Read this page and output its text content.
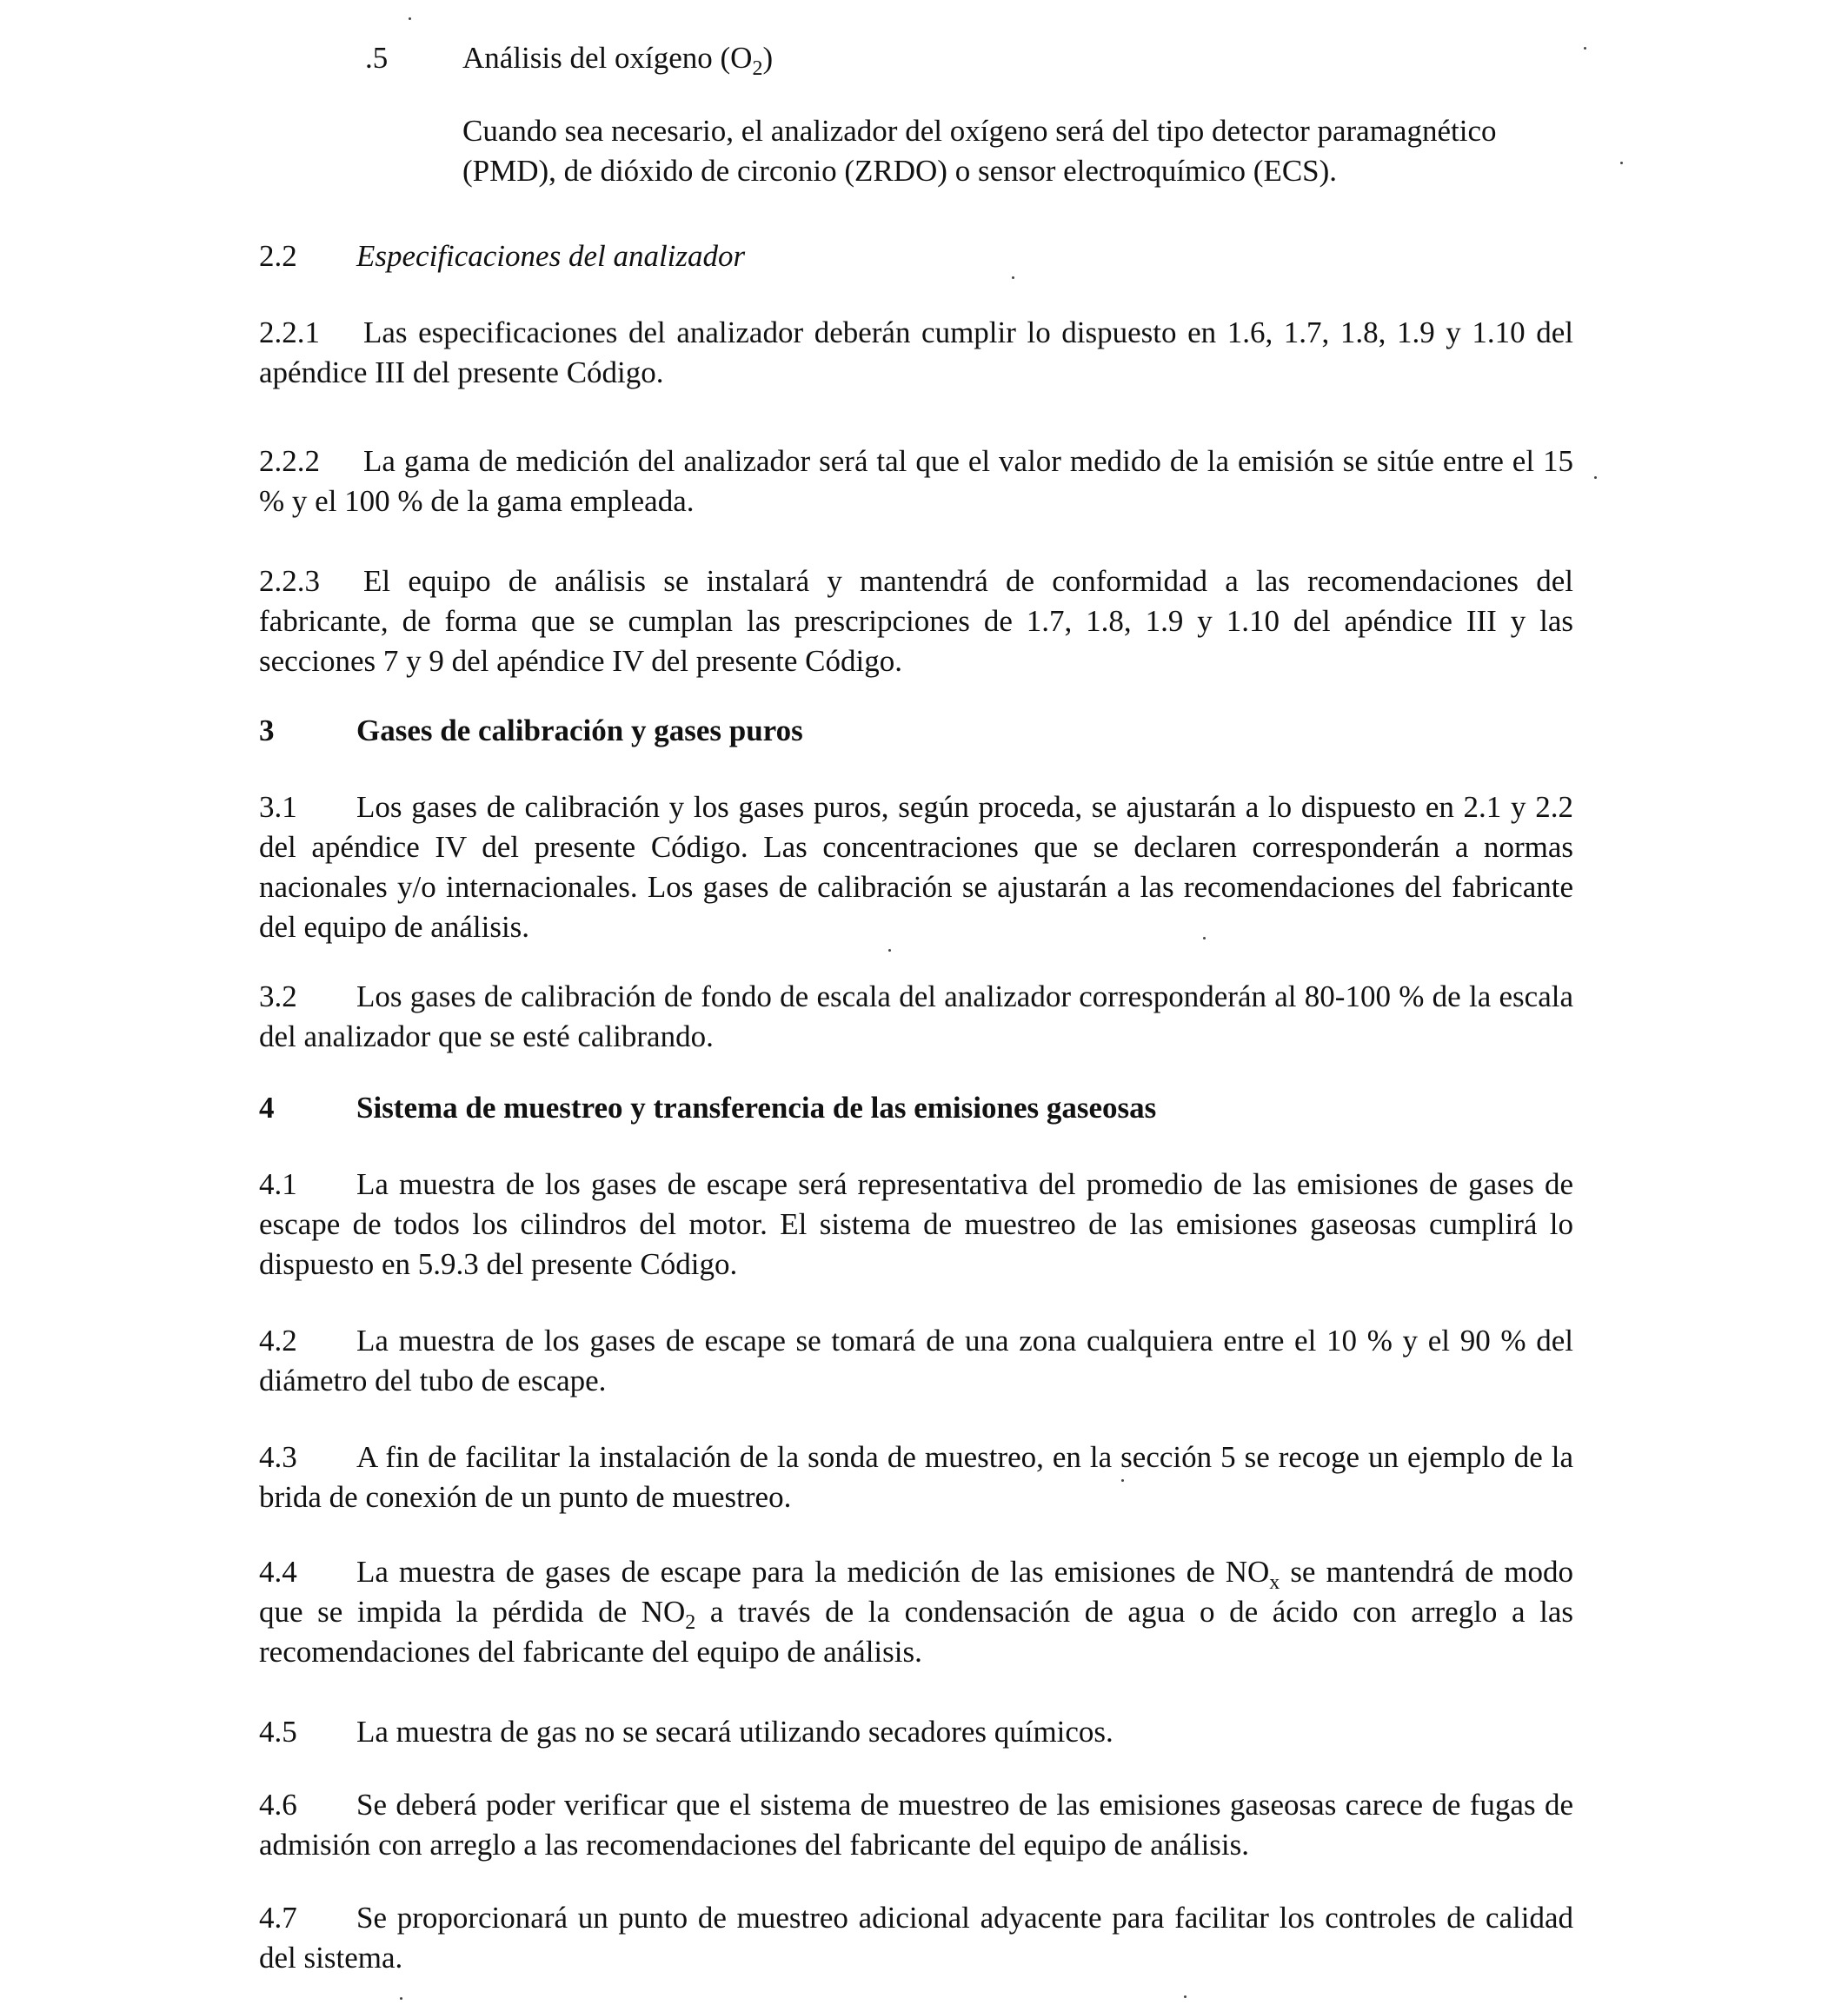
.5 Análisis del oxígeno $(O_2)$
Cuando sea necesario, el analizador del oxígeno será del tipo detector paramagnético (PMD), de dióxido de circonio (ZRDO) o sensor electroquímico (ECS).
2.2 Especificaciones del analizador
2.2.1 Las especificaciones del analizador deberán cumplir lo dispuesto en 1.6, 1.7, 1.8, 1.9 y 1.10 del apéndice III del presente Código.
2.2.2 La gama de medición del analizador será tal que el valor medido de la emisión se sitúe entre el 15 % y el 100 % de la gama empleada.
2.2.3 El equipo de análisis se instalará y mantendrá de conformidad a las recomendaciones del fabricante, de forma que se cumplan las prescripciones de 1.7, 1.8, 1.9 y 1.10 del apéndice III y las secciones 7 y 9 del apéndice IV del presente Código.
3	Gases de calibración y gases puros
3.1 Los gases de calibración y los gases puros, según proceda, se ajustarán a lo dispuesto en 2.1 y 2.2 del apéndice IV del presente Código. Las concentraciones que se declaren corresponderán a normas nacionales y/o internacionales. Los gases de calibración se ajustarán a las recomendaciones del fabricante del equipo de análisis.
3.2 Los gases de calibración de fondo de escala del analizador corresponderán al 80-100 % de la escala del analizador que se esté calibrando.
4	Sistema de muestreo y transferencia de las emisiones gaseosas
4.1 La muestra de los gases de escape será representativa del promedio de las emisiones de gases de escape de todos los cilindros del motor. El sistema de muestreo de las emisiones gaseosas cumplirá lo dispuesto en 5.9.3 del presente Código.
4.2 La muestra de los gases de escape se tomará de una zona cualquiera entre el 10 % y el 90 % del diámetro del tubo de escape.
4.3 A fin de facilitar la instalación de la sonda de muestreo, en la sección 5 se recoge un ejemplo de la brida de conexión de un punto de muestreo.
4.4 La muestra de gases de escape para la medición de las emisiones de $NO_x$ se mantendrá de modo que se impida la pérdida de $NO_2$ a través de la condensación de agua o de ácido con arreglo a las recomendaciones del fabricante del equipo de análisis.
4.5 La muestra de gas no se secará utilizando secadores químicos.
4.6 Se deberá poder verificar que el sistema de muestreo de las emisiones gaseosas carece de fugas de admisión con arreglo a las recomendaciones del fabricante del equipo de análisis.
4.7 Se proporcionará un punto de muestreo adicional adyacente para facilitar los controles de calidad del sistema.
